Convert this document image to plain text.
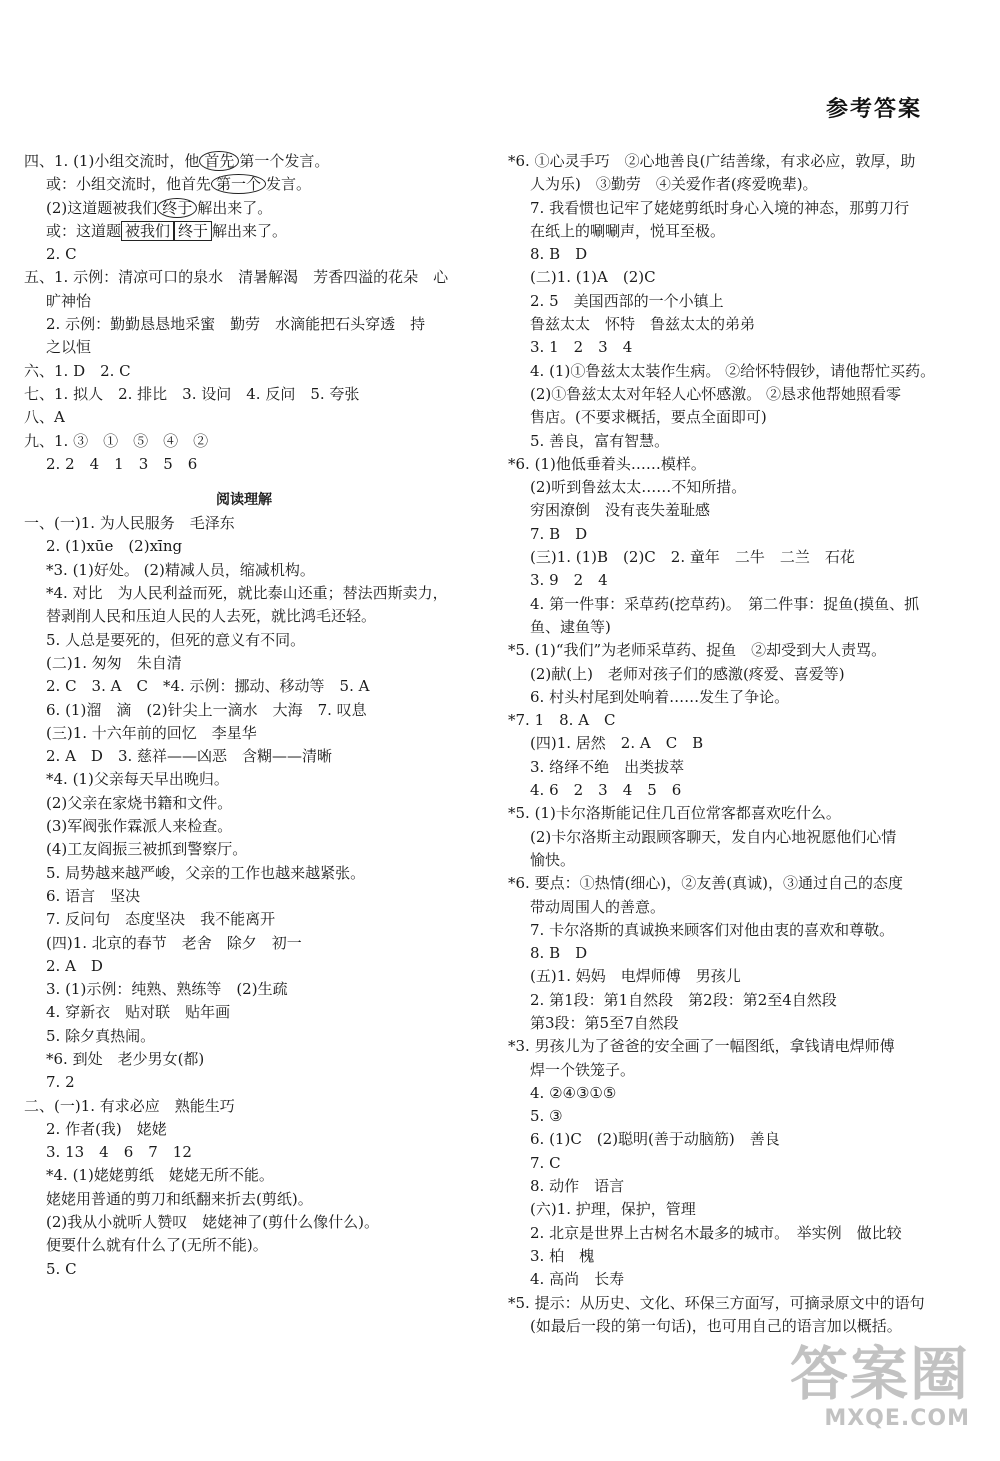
参考答案
四、1. (1)小组交流时，他 首先 第一个发言。
或：小组交流时，他首先 第一个 发言。
(2)这道题被我们 终于 解出来了。
或：这道题 被我们 终于 解出来了。
2. C
五、1. 示例：清凉可口的泉水　清暑解渴　芳香四溢的花朵　心
旷神怡
2. 示例：勤勤恳恳地采蜜　勤劳　水滴能把石头穿透　持
之以恒
六、1. D　2. C
七、1. 拟人　2. 排比　3. 设问　4. 反问　5. 夸张
八、A
九、1. ③　①　⑤　④　②
2. 2　4　1　3　5　6
阅读理解
一、(一)1. 为人民服务　毛泽东
2. (1)xūe　(2)xīng
*3. (1)好处。 (2)精减人员，缩减机构。
*4. 对比　为人民利益而死，就比泰山还重；替法西斯卖力，
替剥削人民和压迫人民的人去死，就比鸿毛还轻。
5. 人总是要死的，但死的意义有不同。
(二)1. 匆匆　朱自清
2. C　3. A　C　*4. 示例：挪动、移动等　5. A
6. (1)溜　滴　(2)针尖上一滴水　大海　7. 叹息
(三)1. 十六年前的回忆　李星华
2. A　D　3. 慈祥——凶恶　含糊——清晰
*4. (1)父亲每天早出晚归。
(2)父亲在家烧书籍和文件。
(3)军阀张作霖派人来检查。
(4)工友阎振三被抓到警察厅。
5. 局势越来越严峻，父亲的工作也越来越紧张。
6. 语言　坚决
7. 反问句　态度坚决　我不能离开
(四)1. 北京的春节　老舍　除夕　初一
2. A　D
3. (1)示例：纯熟、熟练等　(2)生疏
4. 穿新衣　贴对联　贴年画
5. 除夕真热闹。
*6. 到处　老少男女(都)
7. 2
二、(一)1. 有求必应　熟能生巧
2. 作者(我)　姥姥
3. 13　4　6　7　12
*4. (1)姥姥剪纸　姥姥无所不能。
姥姥用普通的剪刀和纸翻来折去(剪纸)。
(2)我从小就听人赞叹　姥姥神了(剪什么像什么)。
便要什么就有什么了(无所不能)。
5. C
*6. ①心灵手巧　②心地善良(广结善缘，有求必应，敦厚，助
人为乐)　③勤劳　④关爱作者(疼爱晚辈)。
7. 我看惯也记牢了姥姥剪纸时身心入境的神态，那剪刀行
在纸上的唰唰声，悦耳至极。
8. B　D
(二)1. (1)A　(2)C
2. 5　美国西部的一个小镇上
鲁兹太太　怀特　鲁兹太太的弟弟
3. 1　2　3　4
4. (1)①鲁兹太太装作生病。 ②给怀特假钞，请他帮忙买药。
(2)①鲁兹太太对年轻人心怀感激。 ②恳求他帮她照看零
售店。(不要求概括，要点全面即可)
5. 善良，富有智慧。
*6. (1)他低垂着头……模样。
(2)听到鲁兹太太……不知所措。
穷困潦倒　没有丧失羞耻感
7. B　D
(三)1. (1)B　(2)C　2. 童年　二牛　二兰　石花
3. 9　2　4
4. 第一件事：采草药(挖草药)。　第二件事：捉鱼(摸鱼、抓
鱼、逮鱼等)
*5. (1)“我们”为老师采草药、捉鱼　②却受到大人责骂。
(2)献(上)　老师对孩子们的感激(疼爱、喜爱等)
6. 村头村尾到处响着……发生了争论。
*7. 1　8. A　C
(四)1. 居然　2. A　C　B
3. 络绎不绝　出类拔萃
4. 6　2　3　4　5　6
*5. (1)卡尔洛斯能记住几百位常客都喜欢吃什么。
(2)卡尔洛斯主动跟顾客聊天，发自内心地祝愿他们心情
愉快。
*6. 要点：①热情(细心)，②友善(真诚)，③通过自己的态度
带动周围人的善意。
7. 卡尔洛斯的真诚换来顾客们对他由衷的喜欢和尊敬。
8. B　D
(五)1. 妈妈　电焊师傅　男孩儿
2. 第1段：第1自然段　第2段：第2至4自然段
第3段：第5至7自然段
*3. 男孩儿为了爸爸的安全画了一幅图纸，拿钱请电焊师傅
焊一个铁笼子。
4. ②④③①⑤
5. ③
6. (1)C　(2)聪明(善于动脑筋)　善良
7. C
8. 动作　语言
(六)1. 护理，保护，管理
2. 北京是世界上古树名木最多的城市。　举实例　做比较
3. 柏　槐
4. 高尚　长寿
*5. 提示：从历史、文化、环保三方面写，可摘录原文中的语句
(如最后一段的第一句话)，也可用自己的语言加以概括。
答案圈
MXQE.COM
